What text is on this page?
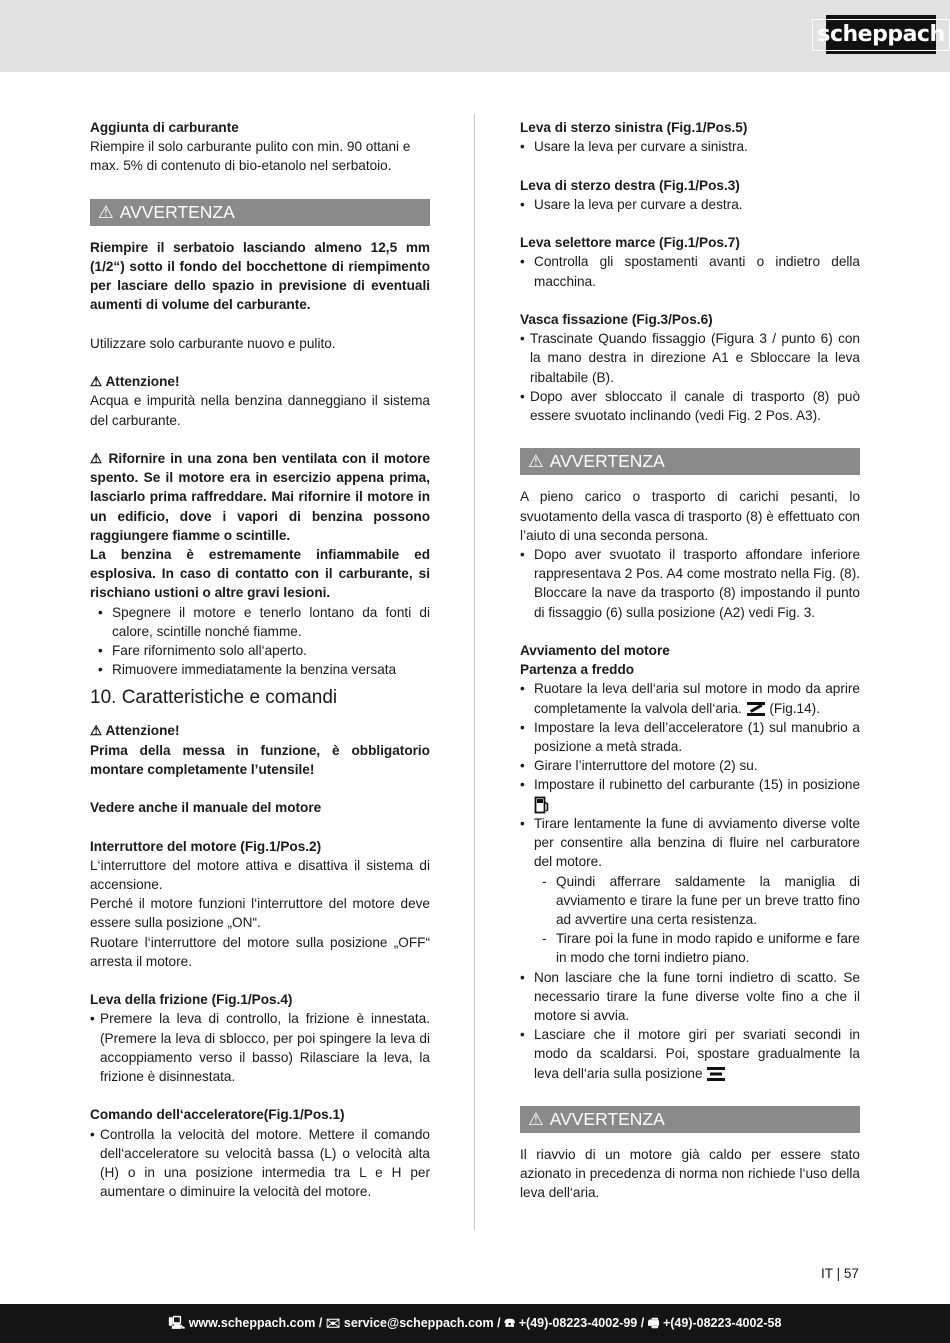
scheppach

Aggiunta di carburante

Riempire il solo carburante pulito con min. 90 ottani e max. 5% di contenuto di bio-etanolo nel serbatoio.

⚠ AVVERTENZA

Riempire il serbatoio lasciando almeno 12,5 mm (1/2“) sotto il fondo del bocchettone di riempimento per lasciare dello spazio in previsione di eventuali aumenti di volume del carburante.

Utilizzare solo carburante nuovo e pulito.

⚠ Attenzione!

Acqua e impurità nella benzina danneggiano il sistema del carburante.

⚠ Rifornire in una zona ben ventilata con il motore spento. Se il motore era in esercizio appena prima, lasciarlo prima raffreddare. Mai rifornire il motore in un edificio, dove i vapori di benzina possono raggiungere fiamme o scintille.

La benzina è estremamente infiammabile ed esplosiva. In caso di contatto con il carburante, si rischiano ustioni o altre gravi lesioni.

• Spegnere il motore e tenerlo lontano da fonti di calore, scintille nonché fiamme.
• Fare rifornimento solo all‘aperto.
• Rimuovere immediatamente la benzina versata
10. Caratteristiche e comandi

⚠ Attenzione!

Prima della messa in funzione, è obbligatorio montare completamente l’utensile!

Vedere anche il manuale del motore

Interruttore del motore (Fig.1/Pos.2)

L‘interruttore del motore attiva e disattiva il sistema di accensione.

Perché il motore funzioni l‘interruttore del motore deve essere sulla posizione „ON“.

Ruotare l‘interruttore del motore sulla posizione „OFF“ arresta il motore.

Leva della frizione (Fig.1/Pos.4)

• Premere la leva di controllo, la frizione è innestata. (Premere la leva di sblocco, per poi spingere la leva di accoppiamento verso il basso) Rilasciare la leva, la frizione è disinnestata.

Comando dell‘acceleratore(Fig.1/Pos.1)

• Controlla la velocità del motore. Mettere il comando dell‘acceleratore su velocità bassa (L) o velocità alta (H) o in una posizione intermedia tra L e H per aumentare o diminuire la velocità del motore.

Leva di sterzo sinistra (Fig.1/Pos.5)

• Usare la leva per curvare a sinistra.

Leva di sterzo destra (Fig.1/Pos.3)

• Usare la leva per curvare a destra.

Leva selettore marce (Fig.1/Pos.7)

• Controlla gli spostamenti avanti o indietro della macchina.

Vasca fissazione (Fig.3/Pos.6)

• Trascinate Quando fissaggio (Figura 3 / punto 6) con la mano destra in direzione A1 e Sbloccare la leva ribaltabile (B).
• Dopo aver sbloccato il canale di trasporto (8) può essere svuotato inclinando (vedi Fig. 2 Pos. A3).
⚠ AVVERTENZA

A pieno carico o trasporto di carichi pesanti, lo svuotamento della vasca di trasporto (8) è effettuato con l’aiuto di una seconda persona.

• Dopo aver svuotato il trasporto affondare inferiore rappresentava 2 Pos. A4 come mostrato nella Fig. (8). Bloccare la nave da trasporto (8) impostando il punto di fissaggio (6) sulla posizione (A2) vedi Fig. 3.

Avviamento del motore

Partenza a freddo

• Ruotare la leva dell‘aria sul motore in modo da aprire completamente la valvola dell‘aria. (Fig.14).
• Impostare la leva dell’acceleratore (1) sul manubrio a posizione a metà strada.
• Girare l’interruttore del motore (2) su.
• Impostare il rubinetto del carburante (15) in posizione
• Tirare lentamente la fune di avviamento diverse volte per consentire alla benzina di fluire nel carburatore del motore.
- Quindi afferrare saldamente la maniglia di avviamento e tirare la fune per un breve tratto fino ad avvertire una certa resistenza.
- Tirare poi la fune in modo rapido e uniforme e fare in modo che torni indietro piano.
• Non lasciare che la fune torni indietro di scatto. Se necessario tirare la fune diverse volte fino a che il motore si avvia.
• Lasciare che il motore giri per svariati secondi in modo da scaldarsi. Poi, spostare gradualmente la leva dell‘aria sulla posizione
⚠ AVVERTENZA

Il riavvio di un motore già caldo per essere stato azionato in precedenza di norma non richiede l‘uso della leva dell‘aria.

IT | 57
🖳 www.scheppach.com / ✉ service@scheppach.com / ☎ +(49)-08223-4002-99 / 🖷 +(49)-08223-4002-58
